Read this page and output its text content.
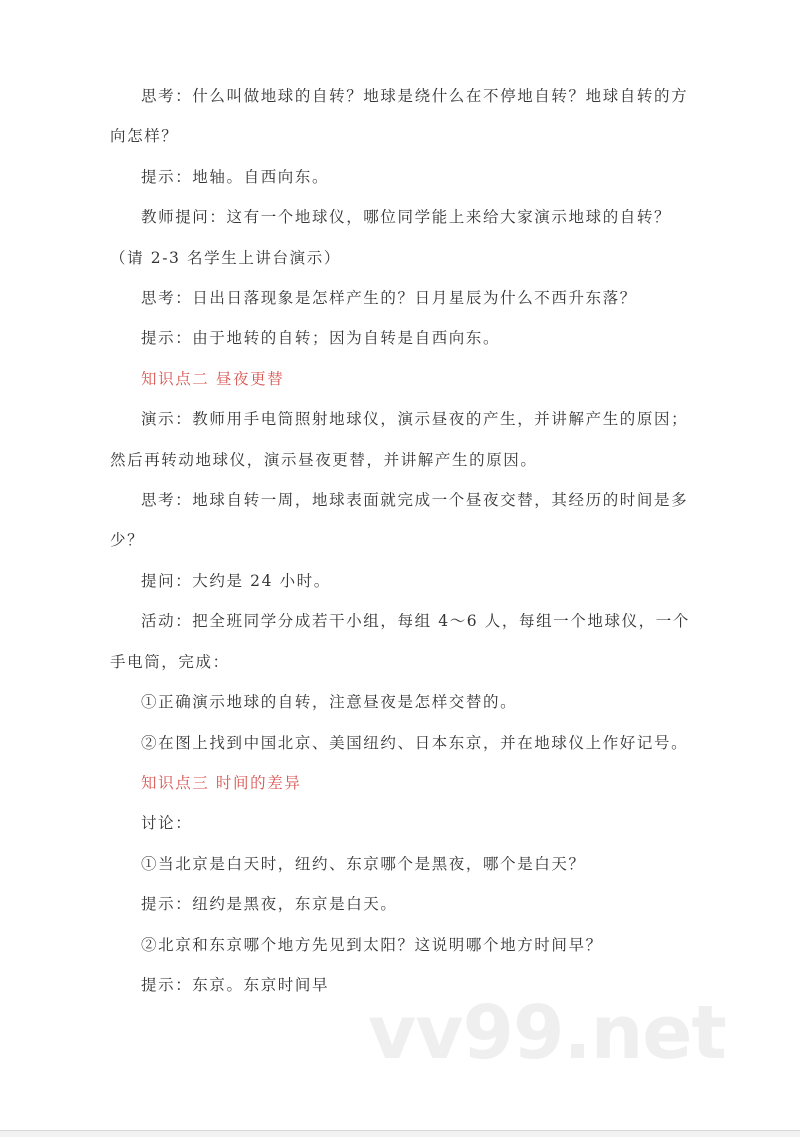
思考：什么叫做地球的自转？地球是绕什么在不停地自转？地球自转的方向怎样？

提示：地轴。自西向东。

教师提问：这有一个地球仪，哪位同学能上来给大家演示地球的自转？（请 2-3 名学生上讲台演示）

思考：日出日落现象是怎样产生的？日月星辰为什么不西升东落？

提示：由于地转的自转；因为自转是自西向东。

知识点二 昼夜更替

演示：教师用手电筒照射地球仪，演示昼夜的产生，并讲解产生的原因；然后再转动地球仪，演示昼夜更替，并讲解产生的原因。

思考：地球自转一周，地球表面就完成一个昼夜交替，其经历的时间是多少？

提问：大约是 24 小时。

活动：把全班同学分成若干小组，每组 4～6 人，每组一个地球仪，一个手电筒，完成：

①正确演示地球的自转，注意昼夜是怎样交替的。

②在图上找到中国北京、美国纽约、日本东京，并在地球仪上作好记号。

知识点三 时间的差异

讨论：

①当北京是白天时，纽约、东京哪个是黑夜，哪个是白天？

提示：纽约是黑夜，东京是白天。

②北京和东京哪个地方先见到太阳？这说明哪个地方时间早？

提示：东京。东京时间早

vv99.net
